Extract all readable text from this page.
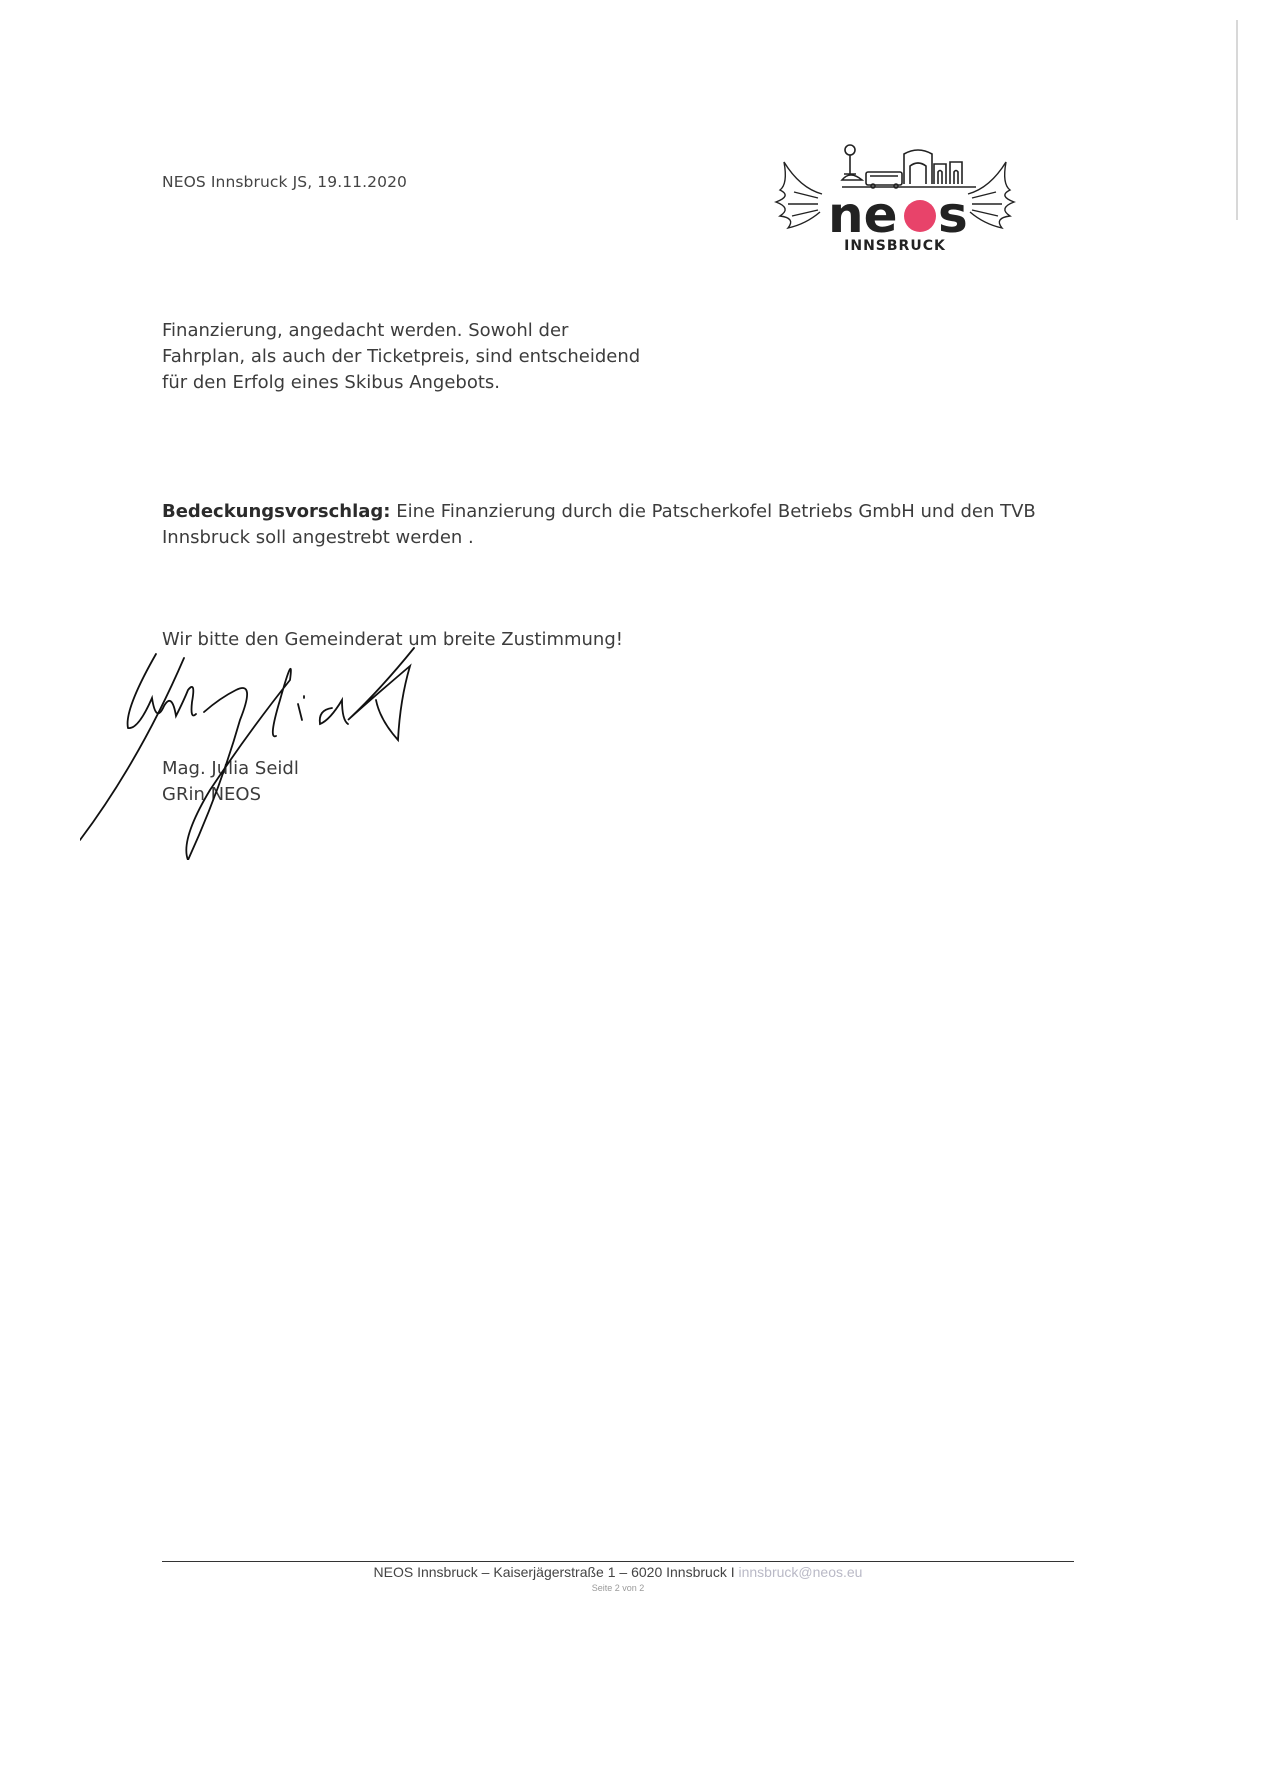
NEOS Innsbruck JS, 19.11.2020
ne s
INNSBRUCK
Finanzierung, angedacht werden. Sowohl der
Fahrplan, als auch der Ticketpreis, sind entscheidend
für den Erfolg eines Skibus Angebots.
Bedeckungsvorschlag: Eine Finanzierung durch die Patscherkofel Betriebs GmbH und den TVB
Innsbruck soll angestrebt werden .
Wir bitte den Gemeinderat um breite Zustimmung!
Mag. Julia Seidl
GRin NEOS
NEOS Innsbruck – Kaiserjägerstraße 1 – 6020 Innsbruck I innsbruck@neos.eu
Seite 2 von 2
